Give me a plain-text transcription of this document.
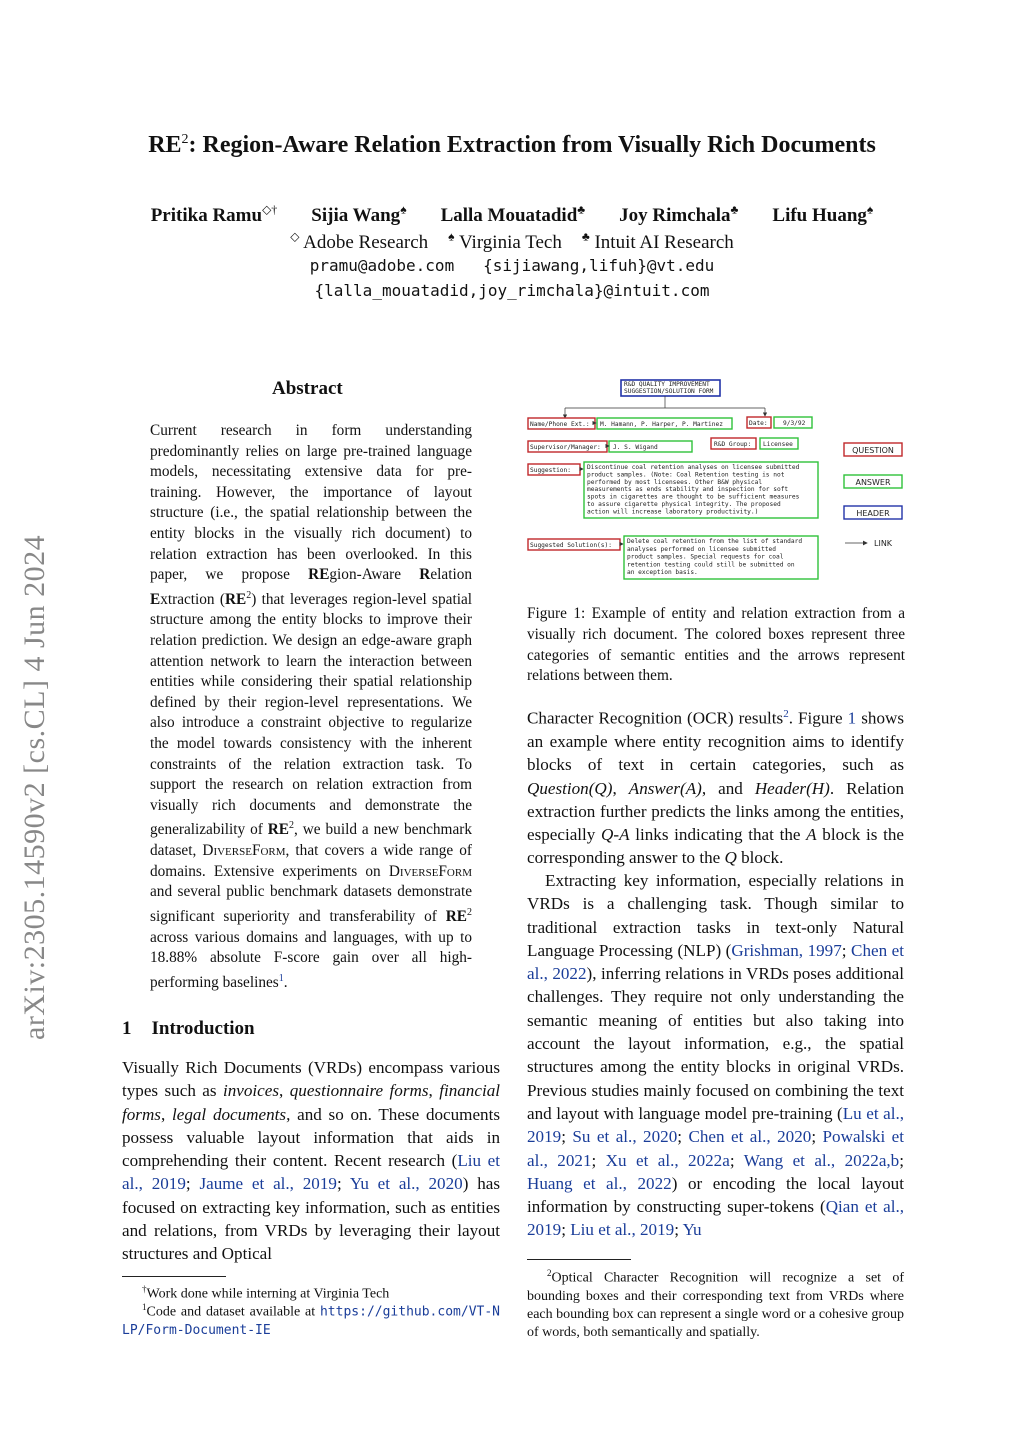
arXiv:2305.14590v2 [cs.CL] 4 Jun 2024
$RE^2$: Region-Aware Relation Extraction from Visually Rich Documents
Pritika Ramu◇† Sijia Wang♠ Lalla Mouatadid♣ Joy Rimchala♣ Lifu Huang♠
◇ Adobe Research ♠ Virginia Tech ♣ Intuit AI Research
pramu@adobe.com   {sijiawang,lifuh}@vt.edu
{lalla_mouatadid,joy_rimchala}@intuit.com
Abstract
Current research in form understanding predominantly relies on large pre-trained language models, necessitating extensive data for pre-training. However, the importance of layout structure (i.e., the spatial relationship between the entity blocks in the visually rich document) to relation extraction has been overlooked. In this paper, we propose REgion-Aware Relation Extraction $(RE^2)$ that leverages region-level spatial structure among the entity blocks to improve their relation prediction. We design an edge-aware graph attention network to learn the interaction between entities while considering their spatial relationship defined by their region-level representations. We also introduce a constraint objective to regularize the model towards consistency with the inherent constraints of the relation extraction task. To support the research on relation extraction from visually rich documents and demonstrate the generalizability of $RE^2$, we build a new benchmark dataset, DiverseForm, that covers a wide range of domains. Extensive experiments on DiverseForm and several public benchmark datasets demonstrate significant superiority and transferability of $RE^2$ across various domains and languages, with up to 18.88% absolute F-score gain over all high-performing baselines$^1$.
1 Introduction
Visually Rich Documents (VRDs) encompass various types such as invoices, questionnaire forms, financial forms, legal documents, and so on. These documents possess valuable layout information that aids in comprehending their content. Recent research (Liu et al., 2019; Jaume et al., 2019; Yu et al., 2020) has focused on extracting key information, such as entities and relations, from VRDs by leveraging their layout structures and Optical
†Work done while interning at Virginia Tech
$^1$Code and dataset available at https://github.com/VT-NLP/Form-Document-IE
R&D QUALITY IMPROVEMENT
SUGGESTION/SOLUTION FORM
Name/Phone Ext.: M. Hamann, P. Harper, P. Martinez	Date: 9/3/92
Supervisor/Manager: J. S. Wigand	R&D Group: Licensee
Suggestion:	Discontinue coal retention analyses on licensee submitted
product samples. (Note: Coal Retention testing is not
performed by most licensees. Other B&W physical
measurements as ends stability and inspection for soft
spots in cigarettes are thought to be sufficient measures
to assure cigarette physical integrity. The proposed
action will increase laboratory productivity.)
Suggested Solution(s):
Delete coal retention from the list of standard
analyses performed on licensee submitted
product samples. Special requests for coal
retention testing could still be submitted on
an exception basis.
QUESTION
ANSWER
HEADER
LINK
Figure 1: Example of entity and relation extraction from a visually rich document. The colored boxes represent three categories of semantic entities and the arrows represent relations between them.
Character Recognition (OCR) results$^2$. Figure 1 shows an example where entity recognition aims to identify blocks of text in certain categories, such as Question(Q), Answer(A), and Header(H). Relation extraction further predicts the links among the entities, especially Q-A links indicating that the A block is the corresponding answer to the Q block.
Extracting key information, especially relations in VRDs is a challenging task. Though similar to traditional extraction tasks in text-only Natural Language Processing (NLP) (Grishman, 1997; Chen et al., 2022), inferring relations in VRDs poses additional challenges. They require not only understanding the semantic meaning of entities but also taking into account the layout information, e.g., the spatial structures among the entity blocks in original VRDs. Previous studies mainly focused on combining the text and layout with language model pre-training (Lu et al., 2019; Su et al., 2020; Chen et al., 2020; Powalski et al., 2021; Xu et al., 2022a; Wang et al., 2022a,b; Huang et al., 2022) or encoding the local layout information by constructing super-tokens (Qian et al., 2019; Liu et al., 2019; Yu
$^2$Optical Character Recognition will recognize a set of bounding boxes and their corresponding text from VRDs where each bounding box can represent a single word or a cohesive group of words, both semantically and spatially.
